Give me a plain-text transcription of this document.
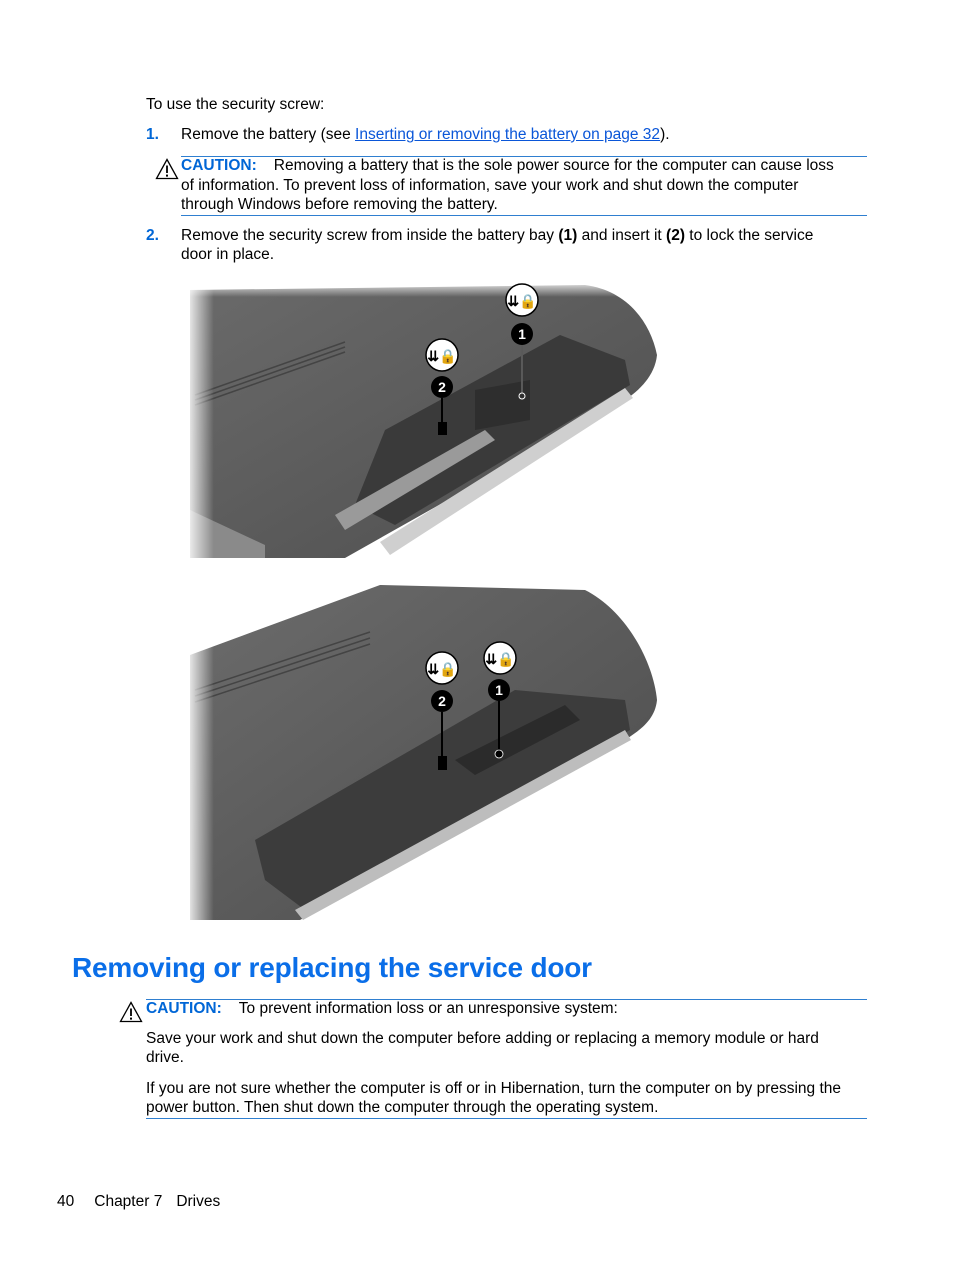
To use the security screw:
1. Remove the battery (see Inserting or removing the battery on page 32).
CAUTION: Removing a battery that is the sole power source for the computer can cause loss
of information. To prevent loss of information, save your work and shut down the computer
through Windows before removing the battery.
2. Remove the security screw from inside the battery bay (1) and insert it (2) to lock the service
door in place.
⇊🔒
1
⇊🔒
2
⇊🔒
1
⇊🔒
2
Removing or replacing the service door
CAUTION: To prevent information loss or an unresponsive system:
Save your work and shut down the computer before adding or replacing a memory module or hard
drive.
If you are not sure whether the computer is off or in Hibernation, turn the computer on by pressing the
power button. Then shut down the computer through the operating system.
40 Chapter 7 Drives
